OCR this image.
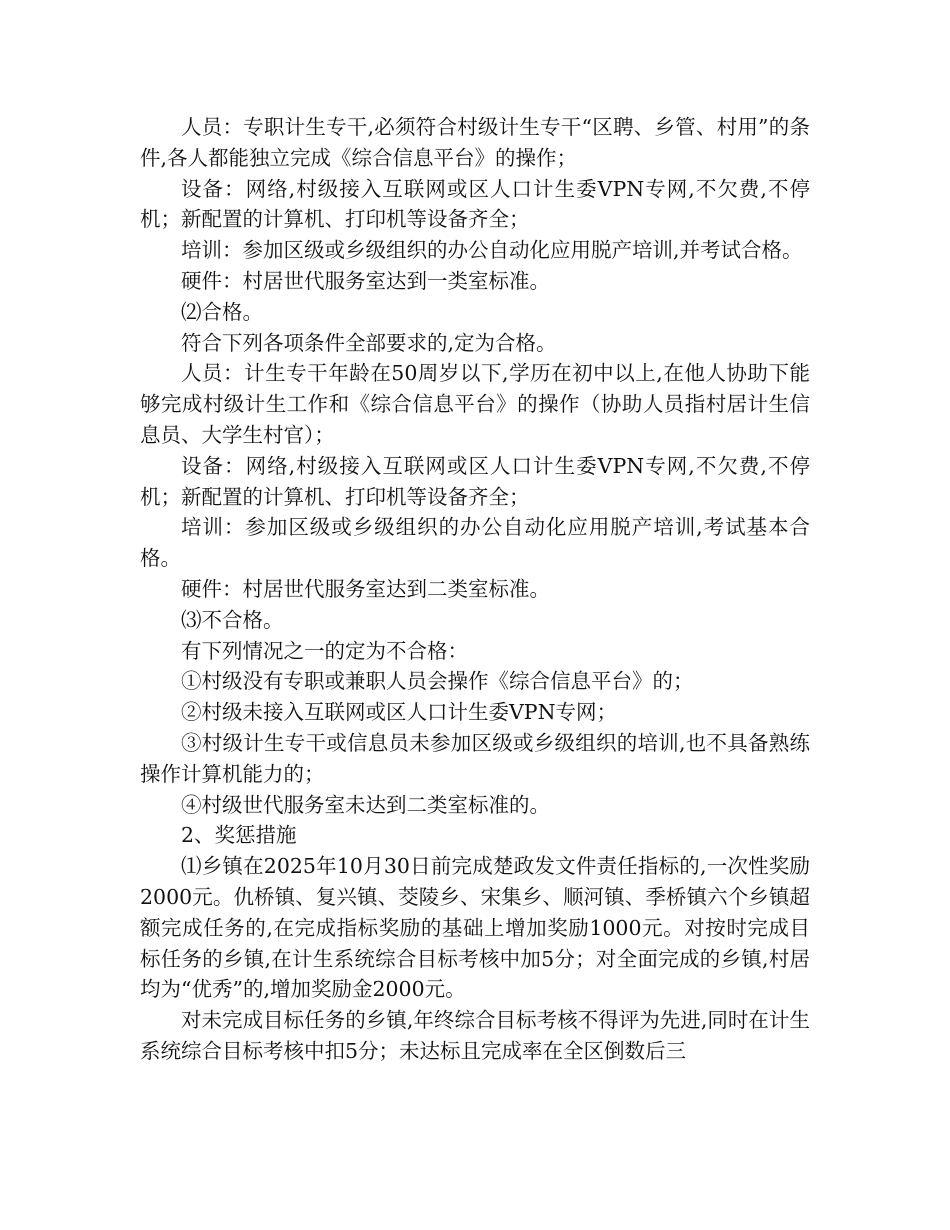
人员：专职计生专干,必须符合村级计生专干“区聘、乡管、村用”的条件,各人都能独立完成《综合信息平台》的操作；

设备：网络,村级接入互联网或区人口计生委VPN专网,不欠费,不停机；新配置的计算机、打印机等设备齐全；

培训：参加区级或乡级组织的办公自动化应用脱产培训,并考试合格。

硬件：村居世代服务室达到一类室标准。

⑵合格。

符合下列各项条件全部要求的,定为合格。

人员：计生专干年龄在50周岁以下,学历在初中以上,在他人协助下能够完成村级计生工作和《综合信息平台》的操作（协助人员指村居计生信息员、大学生村官）；

设备：网络,村级接入互联网或区人口计生委VPN专网,不欠费,不停机；新配置的计算机、打印机等设备齐全；

培训：参加区级或乡级组织的办公自动化应用脱产培训,考试基本合格。

硬件：村居世代服务室达到二类室标准。

⑶不合格。

有下列情况之一的定为不合格：

①村级没有专职或兼职人员会操作《综合信息平台》的；

②村级未接入互联网或区人口计生委VPN专网；

③村级计生专干或信息员未参加区级或乡级组织的培训,也不具备熟练操作计算机能力的；

④村级世代服务室未达到二类室标准的。

2、奖惩措施

⑴乡镇在2025年10月30日前完成楚政发文件责任指标的,一次性奖励2000元。仇桥镇、复兴镇、茭陵乡、宋集乡、顺河镇、季桥镇六个乡镇超额完成任务的,在完成指标奖励的基础上增加奖励1000元。对按时完成目标任务的乡镇,在计生系统综合目标考核中加5分；对全面完成的乡镇,村居均为“优秀”的,增加奖励金2000元。

对未完成目标任务的乡镇,年终综合目标考核不得评为先进,同时在计生系统综合目标考核中扣5分；未达标且完成率在全区倒数后三
